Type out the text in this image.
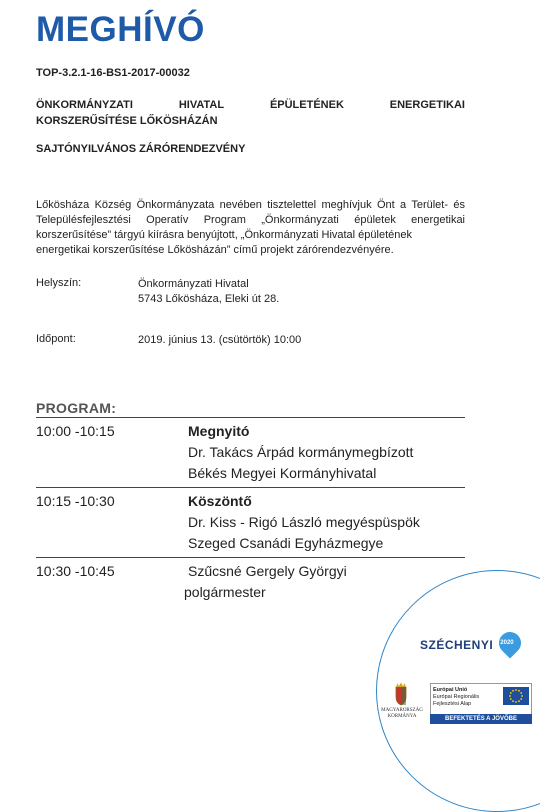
MEGHÍVÓ
TOP-3.2.1-16-BS1-2017-00032
ÖNKORMÁNYZATI	HIVATAL	ÉPÜLETÉNEK	ENERGETIKAI
KORSZERŰSÍTÉSE LŐKÖSHÁZÁN
SAJTÓNYILVÁNOS ZÁRÓRENDEZVÉNY
Lőkösháza Község Önkormányzata nevében tisztelettel meghívjuk Önt a Terület- és Településfejlesztési Operatív Program „Önkormányzati épületek energetikai korszerűsítése” tárgyú kiírásra benyújtott, „Önkormányzati Hivatal épületének
energetikai korszerűsítése Lőkösházán” című projekt zárórendezvényére.
Helyszín:	Önkormányzati Hivatal
5743 Lőkösháza, Eleki út 28.
Időpont:	2019. június 13. (csütörtök) 10:00
PROGRAM:
10:00 -10:15	Megnyitó
Dr. Takács Árpád kormánymegbízott
Békés Megyei Kormányhivatal
10:15 -10:30	Köszöntő
Dr. Kiss - Rigó László megyéspüspök
Szeged Csanádi Egyházmegye
10:30 -10:45	Szűcsné Gergely Györgyi
polgármester
SZÉCHENYI 2020
MAGYARORSZÁG
KORMÁNYA
Európai Unió
Európai Regionális
Fejlesztési Alap
BEFEKTETÉS A JÖVŐBE
